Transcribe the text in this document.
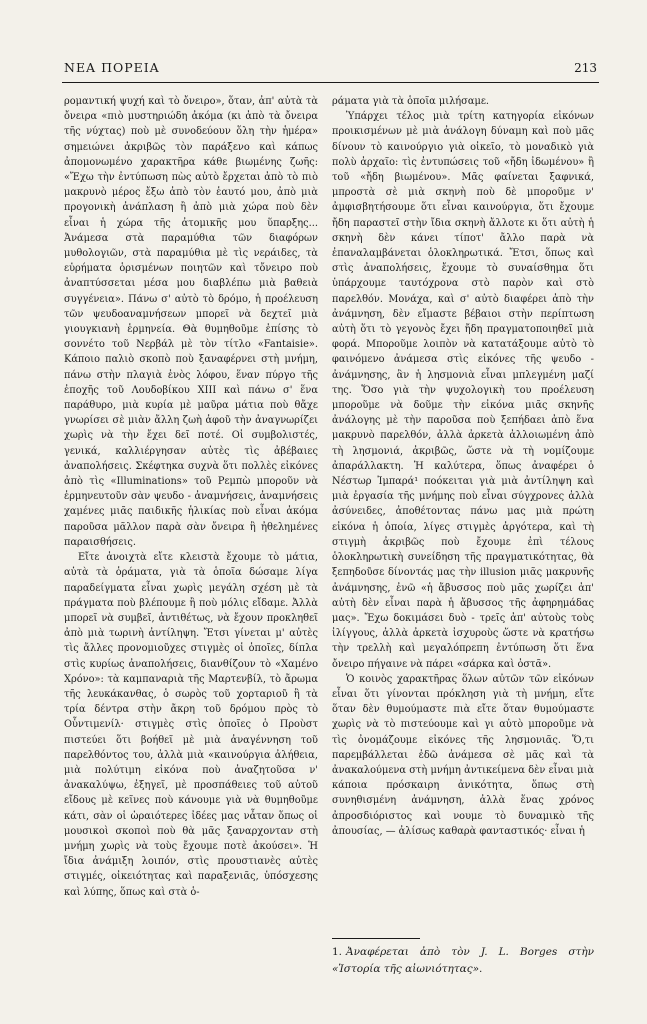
ΝΕΑ ΠΟΡΕΙΑ	213

ρομαντική ψυχή καὶ τὸ ὄνειρο», ὅταν, ἀπ' αὐτὰ τὰ ὄνειρα «πιὸ μυστηριώδη ἀκόμα (κι ἀπὸ τὰ ὄνειρα τῆς νύχτας) ποὺ μὲ συνοδεύουν ὅλη τὴν ἡμέρα» σημειώνει ἀκριβῶς τὸν παράξενο καὶ κάπως ἀπομονωμένο χαρακτῆρα κάθε βιωμένης ζωῆς: «Ἔχω τὴν ἐντύπωση πὼς αὐτὸ ἔρχεται ἀπὸ τὸ πιὸ μακρυνὸ μέρος ἔξω ἀπὸ τὸν ἑαυτό μου, ἀπὸ μιὰ προγονικὴ ἀνάπλαση ἢ ἀπὸ μιὰ χώρα ποὺ δὲν εἶναι ἡ χώρα τῆς ἀτομικῆς μου ὕπαρξης... Ἀνάμεσα στὰ παραμύθια τῶν διαφόρων μυθολογιῶν, στὰ παραμύθια μὲ τὶς νεράιδες, τὰ εὑρήματα ὁρισμένων ποιητῶν καὶ τὄνειρο ποὺ ἀναπτύσσεται μέσα μου διαβλέπω μιὰ βαθειὰ συγγένεια». Πάνω σ' αὐτὸ τὸ δρόμο, ἡ προέλευση τῶν ψευδοαναμνήσεων μπορεῖ νὰ δεχτεῖ μιὰ γιουγκιανὴ ἑρμηνεία. Θὰ θυμηθοῦμε ἐπίσης τὸ σοννέτο τοῦ Νερβάλ μὲ τὸν τίτλο «Fantaisie». Κάποιο παλιὸ σκοπὸ ποὺ ξαναφέρνει στὴ μνήμη, πάνω στὴν πλαγιὰ ἑνὸς λόφου, ἕναν πύργο τῆς ἐποχῆς τοῦ Λουδοβίκου XIII καὶ πάνω σ' ἕνα παράθυρο, μιὰ κυρία μὲ μαῦρα μάτια ποὺ θἄχε γνωρίσει σὲ μιὰν ἄλλη ζωὴ ἀφοῦ τὴν ἀναγνωρίζει χωρὶς νὰ τὴν ἔχει δεῖ ποτέ. Οἱ συμβολιστές, γενικά, καλλιέργησαν αὐτὲς τὶς ἀβέβαιες ἀναπολήσεις. Σκέφτηκα συχνὰ ὅτι πολλὲς εἰκόνες ἀπὸ τὶς «Illuminations» τοῦ Ρεμπὼ μποροῦν νὰ ἑρμηνευτοῦν σὰν ψευδο - ἀναμνήσεις, ἀναμνήσεις χαμένες μιᾶς παιδικῆς ἡλικίας ποὺ εἶναι ἀκόμα παροῦσα μᾶλλον παρὰ σὰν ὄνειρα ἢ ἠθελημένες παραισθήσεις.

Εἴτε ἀνοιχτὰ εἴτε κλειστὰ ἔχουμε τὸ μάτια, αὐτὰ τὰ ὁράματα, γιὰ τὰ ὁποῖα δώσαμε λίγα παραδείγματα εἶναι χωρὶς μεγάλη σχέση μὲ τὰ πράγματα ποὺ βλέπουμε ἢ ποὺ μόλις εἴδαμε. Ἀλλὰ μπορεῖ νὰ συμβεῖ, ἀντιθέτως, νὰ ἔχουν προκληθεῖ ἀπὸ μιὰ τωρινὴ ἀντίληψη. Ἔτσι γίνεται μ' αὐτὲς τὶς ἄλλες προνομιοῦχες στιγμὲς οἱ ὁποῖες, δίπλα στὶς κυρίως ἀναπολήσεις, διανθίζουν τὸ «Χαμένο Χρόνο»: τὰ καμπαναριὰ τῆς Μαρτενβίλ, τὸ ἄρωμα τῆς λευκάκανθας, ὁ σωρὸς τοῦ χορταριοῦ ἢ τὰ τρία δέντρα στὴν ἄκρη τοῦ δρόμου πρὸς τὸ Οὗντιμενίλ· στιγμὲς στὶς ὁποῖες ὁ Προὺστ πιστεύει ὅτι βοήθεῖ μὲ μιὰ ἀναγέννηση τοῦ παρελθόντος του, ἀλλὰ μιὰ «καινούργια ἀλήθεια, μιὰ πολύτιμη εἰκόνα ποὺ ἀναζητοῦσα ν' ἀνακαλύψω, ἐξηγεῖ, μὲ προσπάθειες τοῦ αὐτοῦ εἴδους μὲ κεῖνες ποὺ κάνουμε γιὰ νὰ θυμηθοῦμε κάτι, σὰν οἱ ὡραιότερες ἰδέες μας νἆταν ὅπως οἱ μουσικοὶ σκοποὶ ποὺ θὰ μᾶς ξαναρχονταν στὴ μνήμη χωρὶς νὰ τοὺς ἔχουμε ποτὲ ἀκούσει». Ἡ ἴδια ἀνάμιξη λοιπόν, στὶς προυστιανὲς αὐτὲς στιγμές, οἰκειότητας καὶ παραξενιᾶς, ὑπόσχεσης καὶ λύπης, ὅπως καὶ στὰ ὁ-

ράματα γιὰ τὰ ὁποῖα μιλήσαμε.

Ὑπάρχει τέλος μιὰ τρίτη κατηγορία εἰκόνων προικισμένων μὲ μιὰ ἀνάλογη δύναμη καὶ ποὺ μᾶς δίνουν τὸ καινούργιο γιὰ οἰκεῖο, τὸ μοναδικὸ γιὰ πολὺ ἀρχαῖο: τὶς ἐντυπώσεις τοῦ «ἤδη ἰδωμένου» ἢ τοῦ «ἤδη βιωμένου». Μᾶς φαίνεται ξαφνικά, μπροστὰ σὲ μιὰ σκηνὴ ποὺ δὲ μποροῦμε ν' ἀμφισβητήσουμε ὅτι εἶναι καινούργια, ὅτι ἔχουμε ἤδη παραστεῖ στὴν ἴδια σκηνὴ ἄλλοτε κι ὅτι αὐτὴ ἡ σκηνὴ δὲν κάνει τίποτ' ἄλλο παρὰ νὰ ἐπαναλαμβάνεται ὁλοκληρωτικά. Ἔτσι, ὅπως καὶ στὶς ἀναπολήσεις, ἔχουμε τὸ συναίσθημα ὅτι ὑπάρχουμε ταυτόχρονα στὸ παρὸν καὶ στὸ παρελθόν. Μονάχα, καὶ σ' αὐτὸ διαφέρει ἀπὸ τὴν ἀνάμνηση, δὲν εἴμαστε βέβαιοι στὴν περίπτωση αὐτὴ ὅτι τὸ γεγονὸς ἔχει ἤδη πραγματοποιηθεῖ μιὰ φορά. Μποροῦμε λοιπὸν νὰ κατατάξουμε αὐτὸ τὸ φαινόμενο ἀνάμεσα στὶς εἰκόνες τῆς ψευδο - ἀνάμνησης, ἂν ἡ λησμονιὰ εἶναι μπλεγμένη μαζί της. Ὅσο γιὰ τὴν ψυχολογικὴ του προέλευση μποροῦμε νὰ δοῦμε τὴν εἰκόνα μιᾶς σκηνῆς ἀνάλογης μὲ τὴν παροῦσα ποὺ ξεπήδαει ἀπὸ ἕνα μακρυνὸ παρελθόν, ἀλλὰ ἀρκετὰ ἀλλοιωμένη ἀπὸ τὴ λησμονιά, ἀκριβῶς, ὥστε νὰ τὴ νομίζουμε ἀπαράλλακτη. Ἡ καλύτερα, ὅπως ἀναφέρει ὁ Νέστωρ Ἰμπαρά¹ ποόκειται γιὰ μιὰ ἀντίληψη καὶ μιὰ ἐργασία τῆς μνήμης ποὺ εἶναι σύγχρονες ἀλλὰ ἀσύνειδες, ἀποθέτοντας πάνω μας μιὰ πρώτη εἰκόνα ἡ ὁποία, λίγες στιγμὲς ἀργότερα, καὶ τὴ στιγμὴ ἀκριβῶς ποὺ ἔχουμε ἐπὶ τέλους ὁλοκληρωτικὴ συνείδηση τῆς πραγματικότητας, θὰ ξεπηδοῦσε δίνοντάς μας τὴν illusion μιᾶς μακρυνῆς ἀνάμνησης, ἐνῶ «ἡ ἄβυσσος ποὺ μᾶς χωρίζει ἀπ' αὐτὴ δὲν εἶναι παρὰ ἡ ἄβυσσος τῆς ἀφηρημάδας μας». Ἔχω δοκιμάσει δυὸ - τρεῖς ἀπ' αὐτοὺς τοὺς ἰλίγγους, ἀλλὰ ἀρκετὰ ἰσχυροὺς ὥστε νὰ κρατήσω τὴν τρελλὴ καὶ μεγαλόπρεπη ἐντύπωση ὅτι ἕνα ὄνειρο πήγαινε νὰ πάρει «σάρκα καὶ ὀστᾶ».

Ὁ κοινὸς χαρακτῆρας ὅλων αὐτῶν τῶν εἰκόνων εἶναι ὅτι γίνονται πρόκληση γιὰ τὴ μνήμη, εἴτε ὅταν δὲν θυμούμαστε πιὰ εἴτε ὅταν θυμούμαστε χωρὶς νὰ τὸ πιστεύουμε καὶ γι αὐτὸ μποροῦμε νὰ τὶς ὀνομάζουμε εἰκόνες τῆς λησμονιᾶς. Ὅ,τι παρεμβάλλεται ἐδῶ ἀνάμεσα σὲ μᾶς καὶ τὰ ἀνακαλούμενα στὴ μνήμη ἀντικείμενα δὲν εἶναι μιὰ κάποια πρόσκαιρη ἀνικότητα, ὅπως στὴ συνηθισμένη ἀνάμνηση, ἀλλὰ ἕνας χρόνος ἀπροσδιόριστος καὶ νουμε τὸ δυναμικὸ τῆς ἀπουσίας, — ἀλίσως καθαρὰ φανταστικός· εἶναι ἡ

1. Ἀναφέρεται ἀπὸ τὸν J. L. Borges στὴν «Ἱστορία τῆς αἰωνιότητας».
